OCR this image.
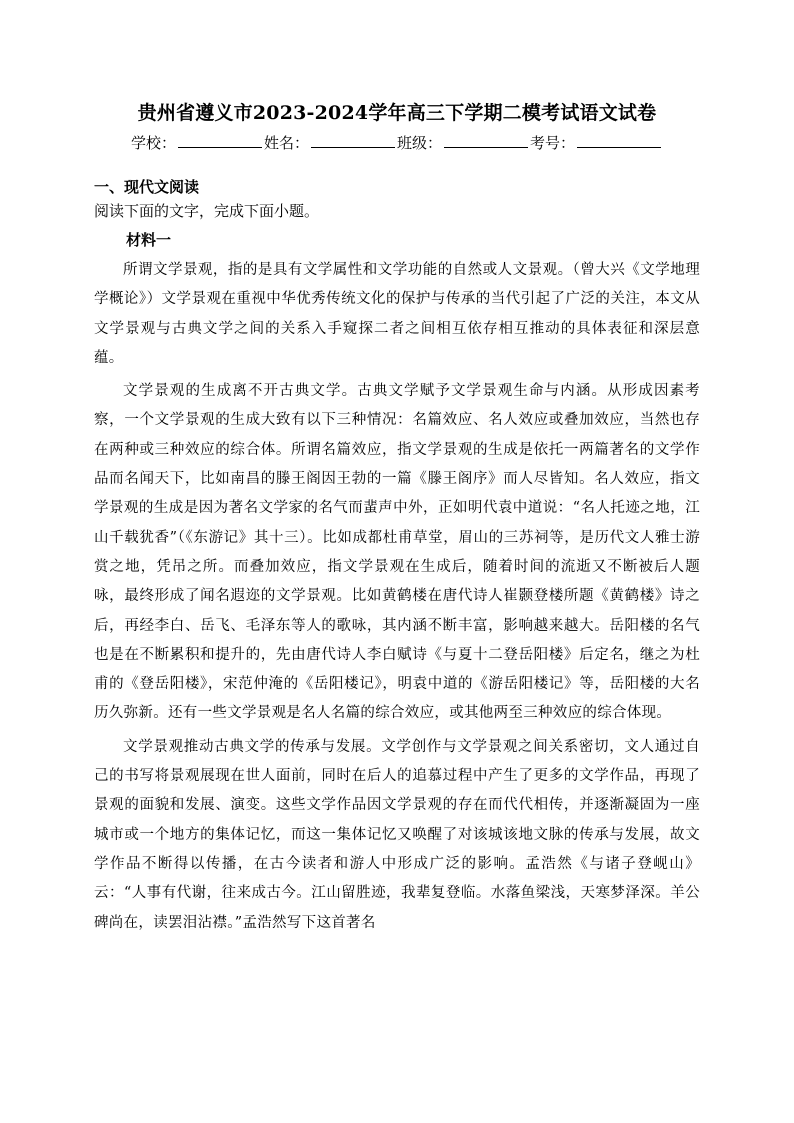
贵州省遵义市2023-2024学年高三下学期二模考试语文试卷
学校：	姓名：	班级：	考号：
一、现代文阅读
阅读下面的文字，完成下面小题。
材料一

所谓文学景观，指的是具有文学属性和文学功能的自然或人文景观。（曾大兴《文学地理学概论》）文学景观在重视中华优秀传统文化的保护与传承的当代引起了广泛的关注，本文从文学景观与古典文学之间的关系入手窥探二者之间相互依存相互推动的具体表征和深层意蕴。

文学景观的生成离不开古典文学。古典文学赋予文学景观生命与内涵。从形成因素考察，一个文学景观的生成大致有以下三种情况：名篇效应、名人效应或叠加效应，当然也存在两种或三种效应的综合体。所谓名篇效应，指文学景观的生成是依托一两篇著名的文学作品而名闻天下，比如南昌的滕王阁因王勃的一篇《滕王阁序》而人尽皆知。名人效应，指文学景观的生成是因为著名文学家的名气而蜚声中外，正如明代袁中道说：“名人托迹之地，江山千载犹香”（《东游记》其十三）。比如成都杜甫草堂，眉山的三苏祠等，是历代文人雅士游赏之地，凭吊之所。而叠加效应，指文学景观在生成后，随着时间的流逝又不断被后人题咏，最终形成了闻名遐迩的文学景观。比如黄鹤楼在唐代诗人崔颢登楼所题《黄鹤楼》诗之后，再经李白、岳飞、毛泽东等人的歌咏，其内涵不断丰富，影响越来越大。岳阳楼的名气也是在不断累积和提升的，先由唐代诗人李白赋诗《与夏十二登岳阳楼》后定名，继之为杜甫的《登岳阳楼》，宋范仲淹的《岳阳楼记》，明袁中道的《游岳阳楼记》等，岳阳楼的大名历久弥新。还有一些文学景观是名人名篇的综合效应，或其他两至三种效应的综合体现。

文学景观推动古典文学的传承与发展。文学创作与文学景观之间关系密切，文人通过自己的书写将景观展现在世人面前，同时在后人的追慕过程中产生了更多的文学作品，再现了景观的面貌和发展、演变。这些文学作品因文学景观的存在而代代相传，并逐渐凝固为一座城市或一个地方的集体记忆，而这一集体记忆又唤醒了对该城该地文脉的传承与发展，故文学作品不断得以传播，在古今读者和游人中形成广泛的影响。孟浩然《与诸子登岘山》云：“人事有代谢，往来成古今。江山留胜迹，我辈复登临。水落鱼梁浅，天寒梦泽深。羊公碑尚在，读罢泪沾襟。”孟浩然写下这首著名
